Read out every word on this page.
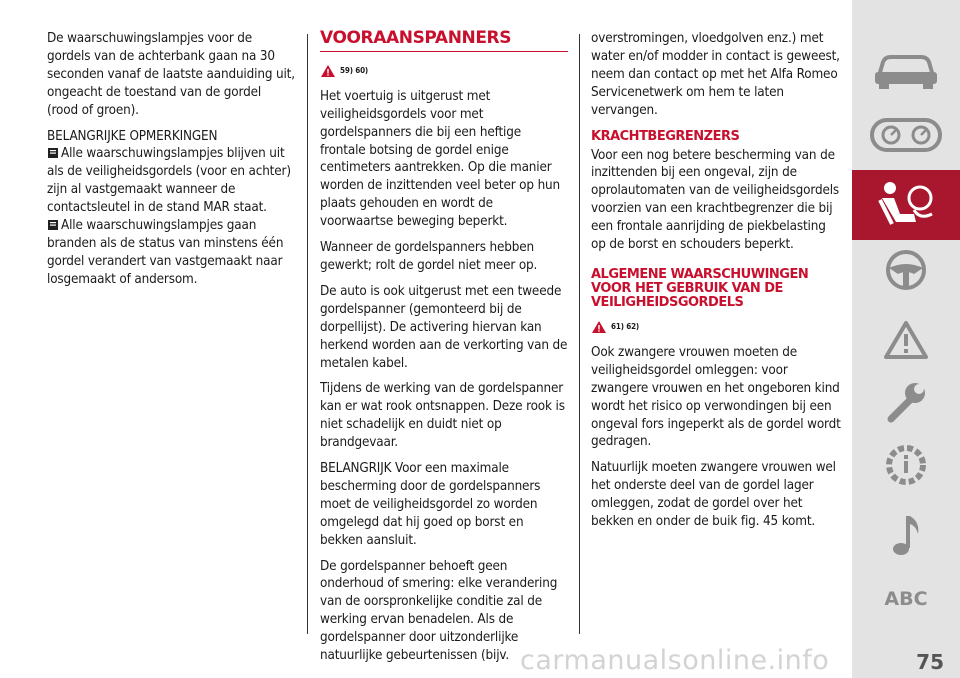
De waarschuwingslampjes voor de gordels van de achterbank gaan na 30 seconden vanaf de laatste aanduiding uit, ongeacht de toestand van de gordel (rood of groen).

BELANGRIJKE OPMERKINGEN

Alle waarschuwingslampjes blijven uit als de veiligheidsgordels (voor en achter) zijn al vastgemaakt wanneer de contactsleutel in de stand MAR staat.

Alle waarschuwingslampjes gaan branden als de status van minstens één gordel verandert van vastgemaakt naar losgemaakt of andersom.

VOORAANSPANNERS
59) 60)

Het voertuig is uitgerust met veiligheidsgordels voor met gordelspanners die bij een heftige frontale botsing de gordel enige centimeters aantrekken. Op die manier worden de inzittenden veel beter op hun plaats gehouden en wordt de voorwaartse beweging beperkt.

Wanneer de gordelspanners hebben gewerkt; rolt de gordel niet meer op.

De auto is ook uitgerust met een tweede gordelspanner (gemonteerd bij de dorpellijst). De activering hiervan kan herkend worden aan de verkorting van de metalen kabel.

Tijdens de werking van de gordelspanner kan er wat rook ontsnappen. Deze rook is niet schadelijk en duidt niet op brandgevaar.

BELANGRIJK Voor een maximale bescherming door de gordelspanners moet de veiligheidsgordel zo worden omgelegd dat hij goed op borst en bekken aansluit.

De gordelspanner behoeft geen onderhoud of smering: elke verandering van de oorspronkelijke conditie zal de werking ervan benadelen. Als de gordelspanner door uitzonderlijke natuurlijke gebeurtenissen (bijv.

overstromingen, vloedgolven enz.) met water en/of modder in contact is geweest, neem dan contact op met het Alfa Romeo Servicenetwerk om hem te laten vervangen.

KRACHTBEGRENZERS

Voor een nog betere bescherming van de inzittenden bij een ongeval, zijn de oprolautomaten van de veiligheidsgordels voorzien van een krachtbegrenzer die bij een frontale aanrijding de piekbelasting op de borst en schouders beperkt.

ALGEMENE WAARSCHUWINGEN VOOR HET GEBRUIK VAN DE VEILIGHEIDSGORDELS
61) 62)

Ook zwangere vrouwen moeten de veiligheidsgordel omleggen: voor zwangere vrouwen en het ongeboren kind wordt het risico op verwondingen bij een ongeval fors ingeperkt als de gordel wordt gedragen.

Natuurlijk moeten zwangere vrouwen wel het onderste deel van de gordel lager omleggen, zodat de gordel over het bekken en onder de buik fig. 45 komt.

ABC
carmanualsonline.info	75
